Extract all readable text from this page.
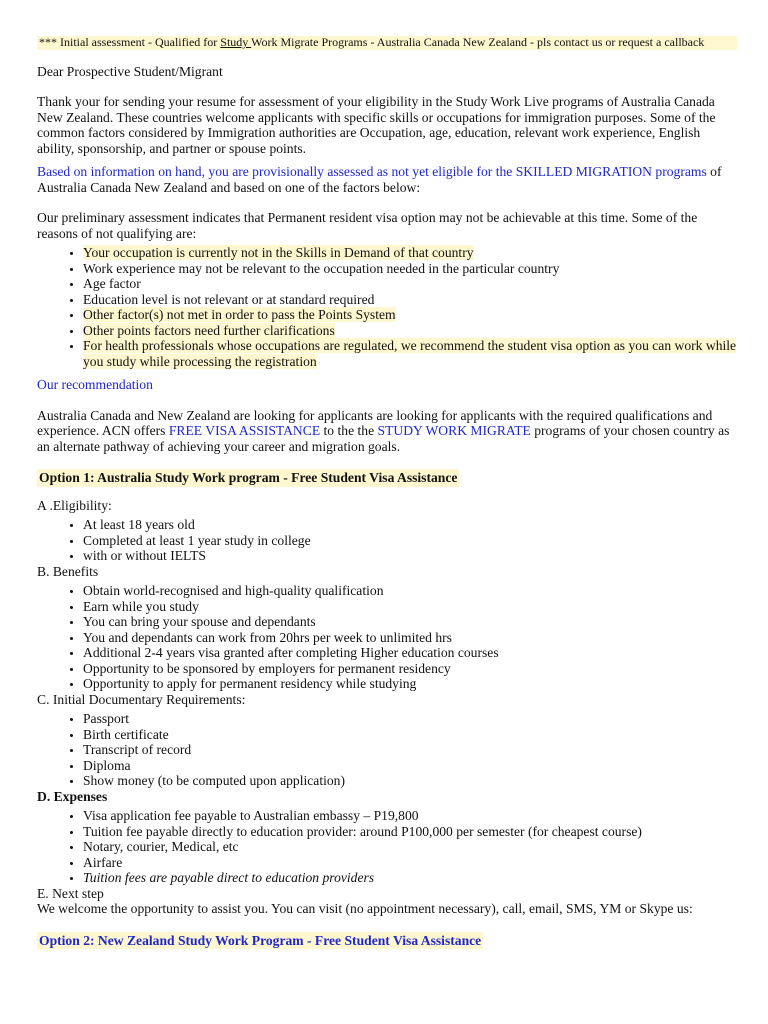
*** Initial assessment - Qualified for Study Work Migrate Programs - Australia Canada New Zealand - pls contact us or request a callback

Dear Prospective Student/Migrant

Thank your for sending your resume for assessment of your eligibility in the Study Work Live programs of Australia Canada New Zealand. These countries welcome applicants with specific skills or occupations for immigration purposes. Some of the common factors considered by Immigration authorities are Occupation, age, education, relevant work experience, English ability, sponsorship, and partner or spouse points.

Based on information on hand, you are provisionally assessed as not yet eligible for the SKILLED MIGRATION programs of Australia Canada New Zealand and based on one of the factors below:

Our preliminary assessment indicates that Permanent resident visa option may not be achievable at this time. Some of the reasons of not qualifying are:

• Your occupation is currently not in the Skills in Demand of that country
• Work experience may not be relevant to the occupation needed in the particular country
• Age factor
• Education level is not relevant or at standard required
• Other factor(s) not met in order to pass the Points System
• Other points factors need further clarifications
• For health professionals whose occupations are regulated, we recommend the student visa option as you can work while you study while processing the registration

Our recommendation

Australia Canada and New Zealand are looking for applicants are looking for applicants with the required qualifications and experience. ACN offers FREE VISA ASSISTANCE to the the STUDY WORK MIGRATE programs of your chosen country as an alternate pathway of achieving your career and migration goals.

Option 1: Australia Study Work program - Free Student Visa Assistance

A .Eligibility:

• At least 18 years old
• Completed at least 1 year study in college
• with or without IELTS

B. Benefits

• Obtain world-recognised and high-quality qualification
• Earn while you study
• You can bring your spouse and dependants
• You and dependants can work from 20hrs per week to unlimited hrs
• Additional 2-4 years visa granted after completing Higher education courses
• Opportunity to be sponsored by employers for permanent residency
• Opportunity to apply for permanent residency while studying

C. Initial Documentary Requirements:

• Passport
• Birth certificate
• Transcript of record
• Diploma
• Show money (to be computed upon application)

D. Expenses

• Visa application fee payable to Australian embassy – P19,800
• Tuition fee payable directly to education provider: around P100,000 per semester (for cheapest course)
• Notary, courier, Medical, etc
• Airfare
• Tuition fees are payable direct to education providers

E. Next step

We welcome the opportunity to assist you. You can visit (no appointment necessary), call, email, SMS, YM or Skype us:

Option 2: New Zealand Study Work Program - Free Student Visa Assistance
